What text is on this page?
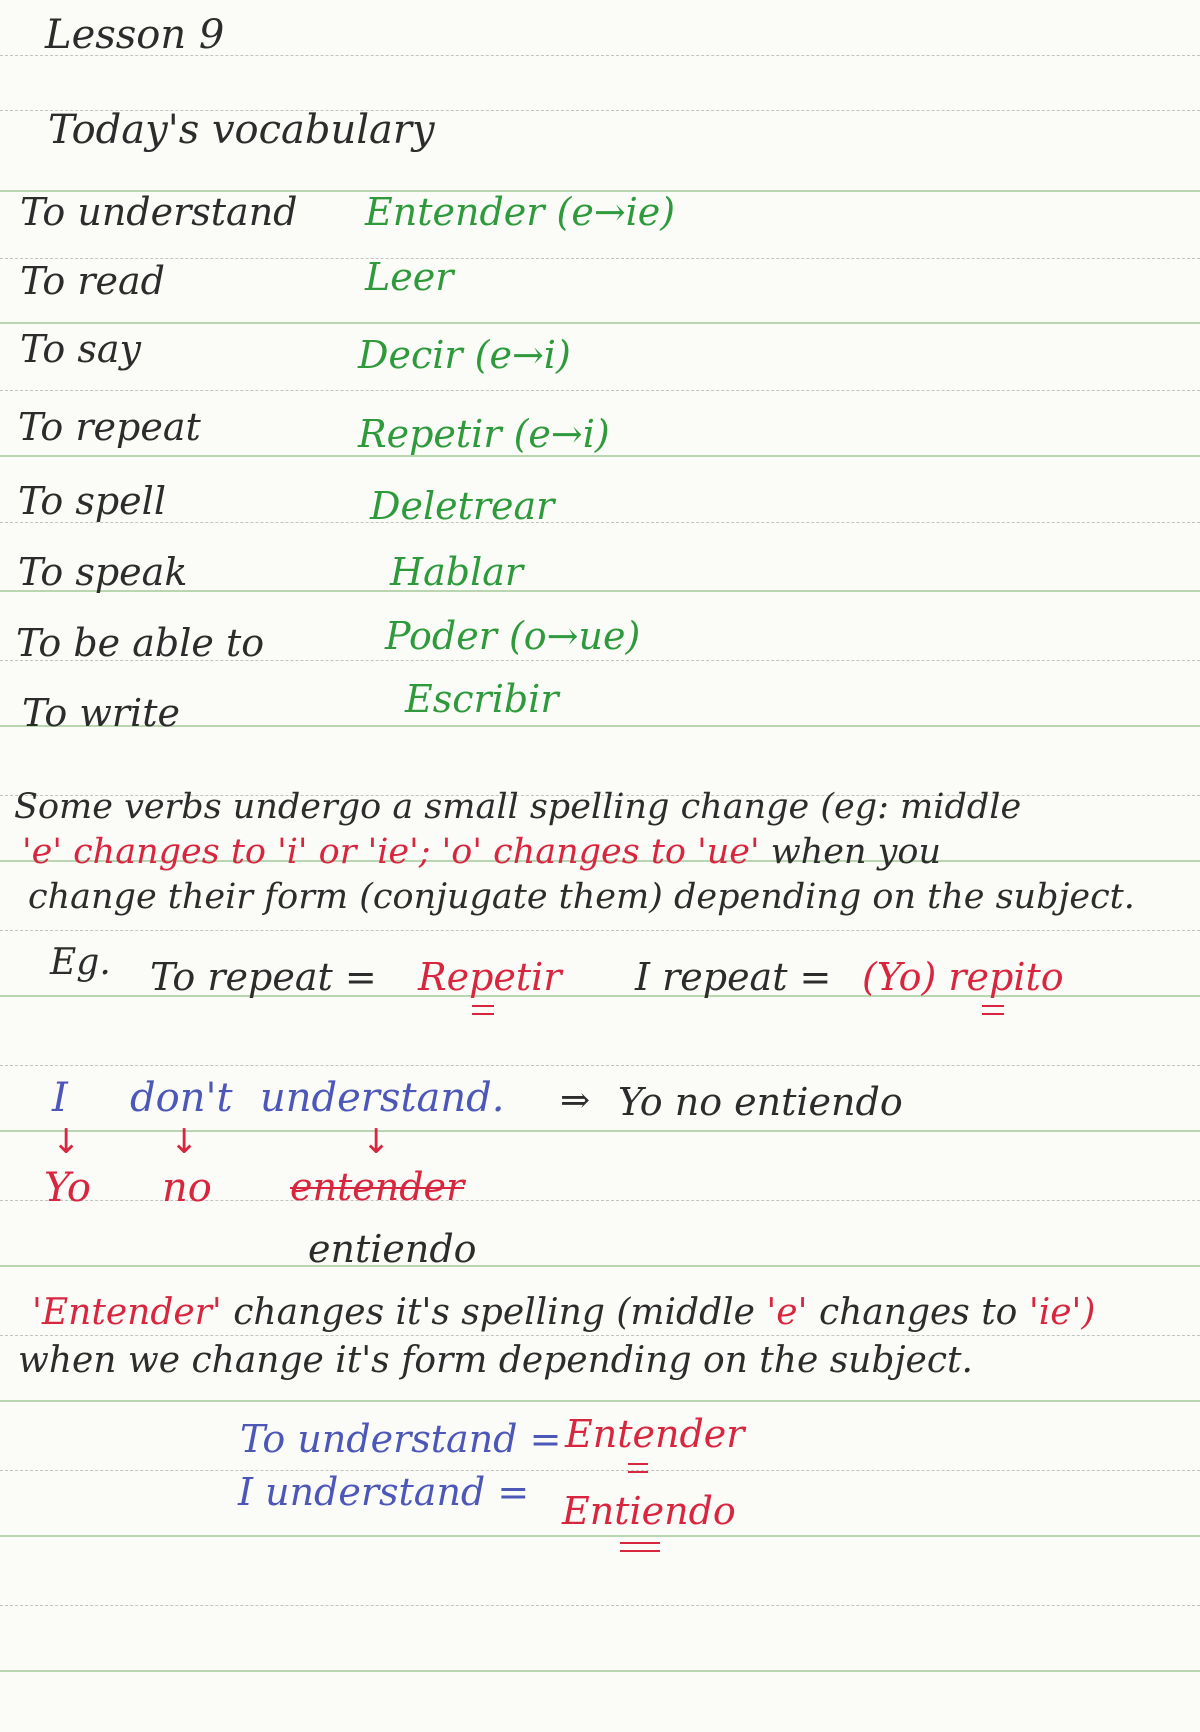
Lesson 9
Today's vocabulary
To understand Entender (e→ie)
To read	Leer
To say	Decir (e→i)
To repeat	Repetir (e→i)
To spell	Deletrear
To speak	Hablar
To be able to	Poder (o→ue)
To write	Escribir
Some verbs undergo a small spelling change (eg: middle
'e' changes to 'i' or 'ie'; 'o' changes to 'ue' when you
change their form (conjugate them) depending on the subject.
Eg. To repeat = Repetir I repeat = (Yo) repito
I don't understand. ⇒ Yo no entiendo
↓	↓	↓
Yo no entender
entiendo
'Entender' changes it's spelling (middle 'e' changes to 'ie')
when we change it's form depending on the subject.
To understand = Entender
I understand = Entiendo
